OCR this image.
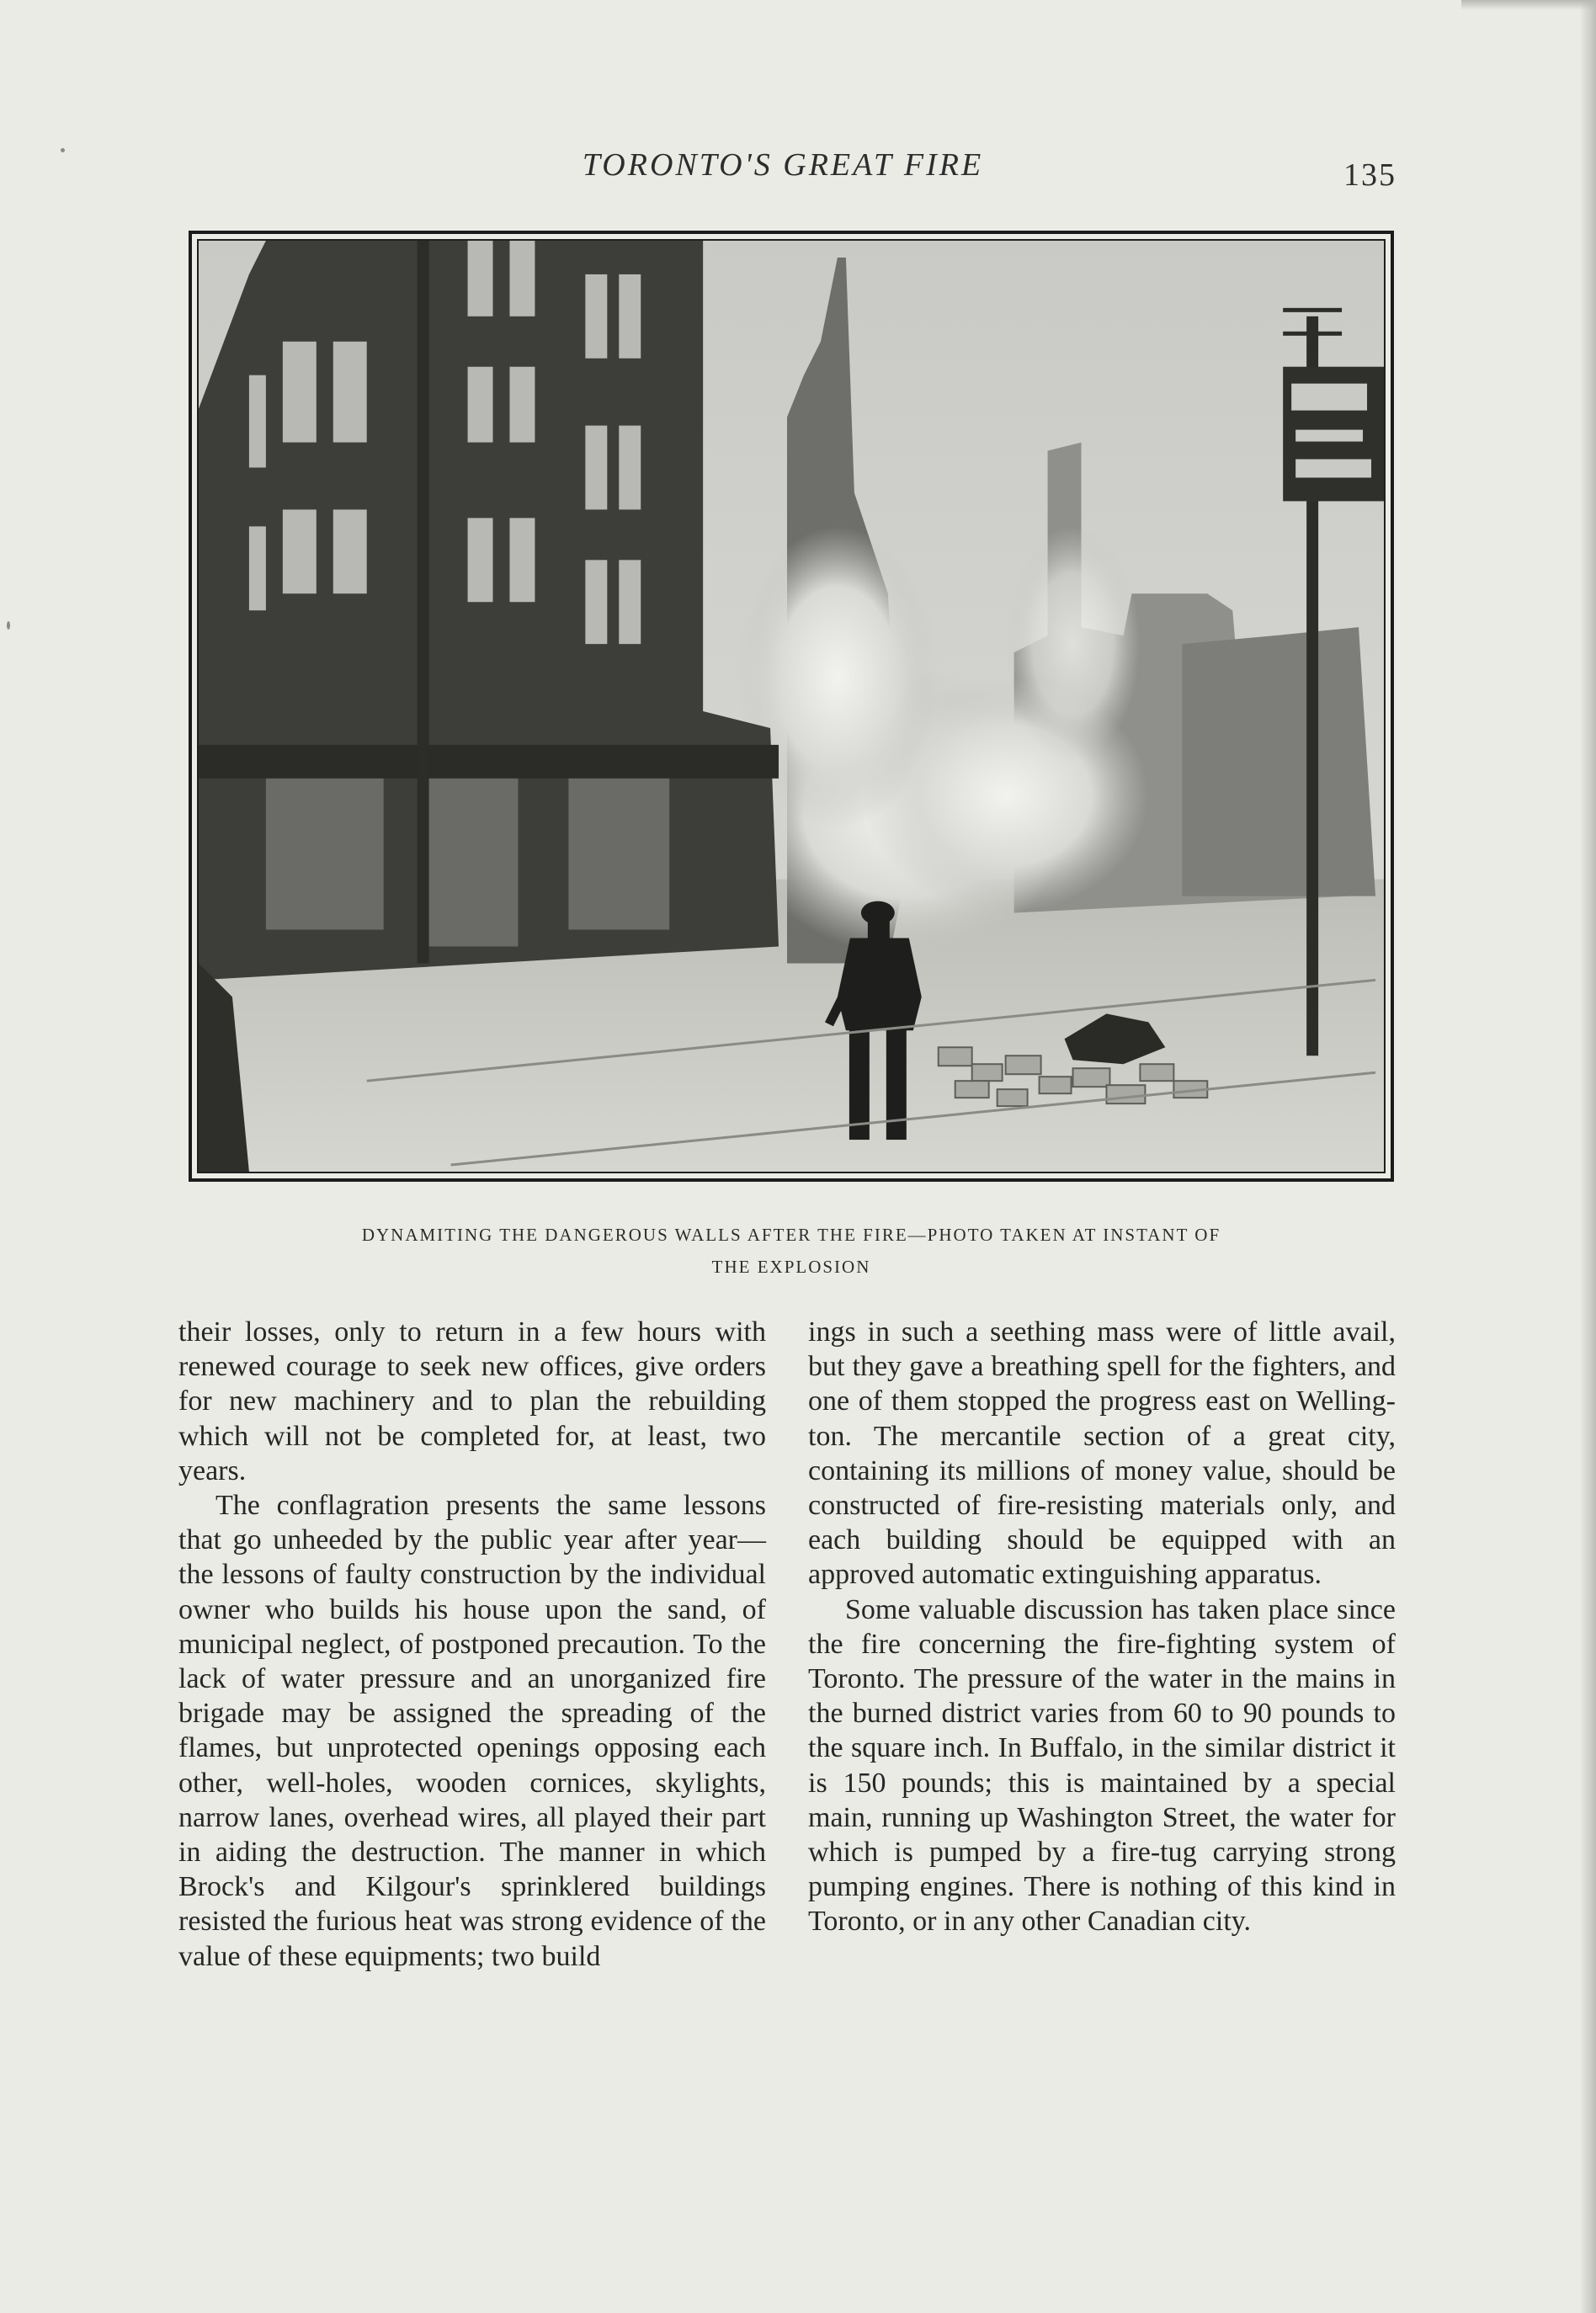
TORONTO'S GREAT FIRE	135
DYNAMITING THE DANGEROUS WALLS AFTER THE FIRE—PHOTO TAKEN AT INSTANT OF
THE EXPLOSION

their losses, only to return in a few hours with renewed courage to seek new offices, give orders for new machinery and to plan the rebuilding which will not be completed for, at least, two years.

The conflagration presents the same lessons that go unheeded by the public year after year—the lessons of faulty construction by the individual owner who builds his house upon the sand, of municipal neglect, of postponed precaution. To the lack of water pressure and an unorganized fire brigade may be assigned the spreading of the flames, but unprotected openings opposing each other, well-holes, wooden cornices, skylights, narrow lanes, overhead wires, all played their part in aiding the destruction. The manner in which Brock's and Kilgour's sprinklered buildings resisted the furious heat was strong evidence of the value of these equipments; two build

ings in such a seething mass were of little avail, but they gave a breathing spell for the fighters, and one of them stopped the progress east on Wellington. The mercantile section of a great city, containing its millions of money value, should be constructed of fire-resisting materials only, and each building should be equipped with an approved automatic extinguishing apparatus.

Some valuable discussion has taken place since the fire concerning the fire-fighting system of Toronto. The pressure of the water in the mains in the burned district varies from 60 to 90 pounds to the square inch. In Buffalo, in the similar district it is 150 pounds; this is maintained by a special main, running up Washington Street, the water for which is pumped by a fire-tug carrying strong pumping engines. There is nothing of this kind in Toronto, or in any other Canadian city.
